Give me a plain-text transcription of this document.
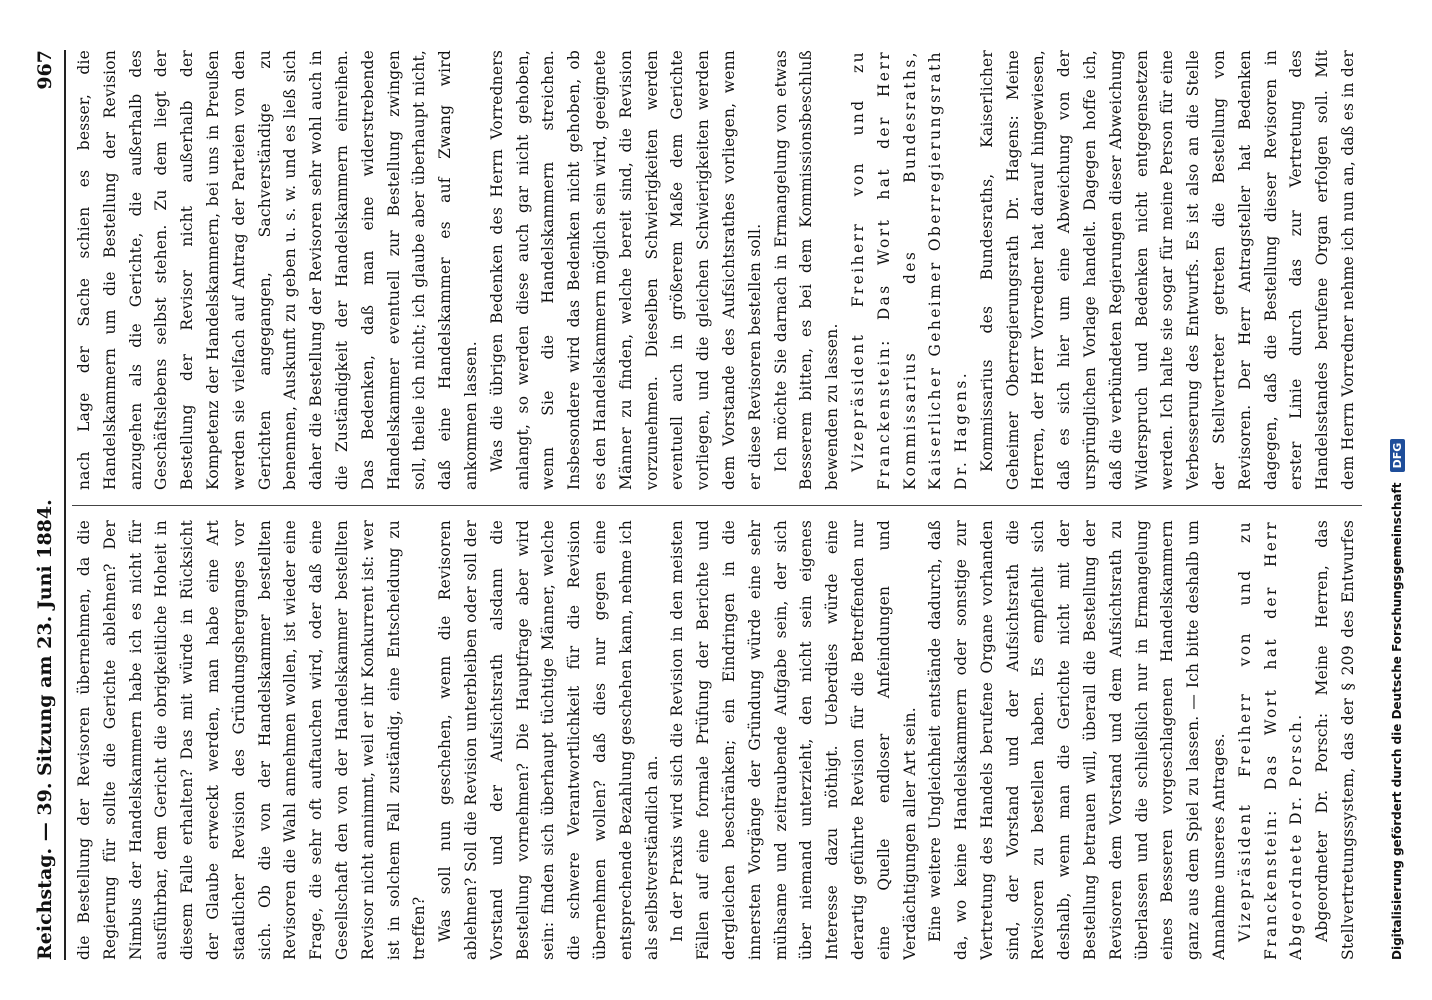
Reichstag. — 39. Sitzung am 23. Juni 1884.
967

die Bestellung der Revisoren übernehmen, da die Regierung für sollte die Gerichte ablehnen? Der Nimbus der Handelskammern habe ich es nicht für ausführbar, dem Gericht die obrigkeitliche Hoheit in diesem Falle erhalten? Das mit würde in Rücksicht der Glaube erweckt werden, man habe eine Art staatlicher Revision des Gründungsherganges vor sich. Ob die von der Handelskammer bestellten Revisoren die Wahl annehmen wollen, ist wieder eine Frage, die sehr oft auftauchen wird, oder daß eine Gesellschaft den von der Handelskammer bestellten Revisor nicht annimmt, weil er ihr Konkurrent ist: wer ist in solchem Fall zuständig, eine Entscheidung zu treffen? Was soll nun geschehen, wenn die Revisoren ablehnen? Soll die Revision unterbleiben oder soll der Vorstand und der Aufsichtsrath alsdann die Bestellung vornehmen? Die Hauptfrage aber wird sein: finden sich überhaupt tüchtige Männer, welche die schwere Verantwortlichkeit für die Revision übernehmen wollen? daß dies nur gegen eine entsprechende Bezahlung geschehen kann, nehme ich als selbstverständlich an. In der Praxis wird sich die Revision in den meisten Fällen auf eine formale Prüfung der Berichte und dergleichen beschränken; ein Eindringen in die innersten Vorgänge der Gründung würde eine sehr mühsame und zeitraubende Aufgabe sein, der sich über niemand unterzieht, den nicht sein eigenes Interesse dazu nöthigt. Ueberdies würde eine derartig geführte Revision für die Betreffenden nur eine Quelle endloser Anfeindungen und Verdächtigungen aller Art sein. Eine weitere Ungleichheit entstände dadurch, daß da, wo keine Handelskammern oder sonstige zur Vertretung des Handels berufene Organe vorhanden sind, der Vorstand und der Aufsichtsrath die Revisoren zu bestellen haben. Es empfiehlt sich deshalb, wenn man die Gerichte nicht mit der Bestellung betrauen will, überall die Bestellung der Revisoren dem Vorstand und dem Aufsichtsrath zu überlassen und die schließlich nur in Ermangelung eines Besseren vorgeschlagenen Handelskammern ganz aus dem Spiel zu lassen. — Ich bitte deshalb um Annahme unseres Antrages. Vizepräsident Freiherr von und zu Franckenstein: Das Wort hat der Herr Abgeordnete Dr. Porsch. Abgeordneter Dr. Porsch: Meine Herren, das Stellvertretungssystem, das der § 209 des Entwurfes

nach Lage der Sache schien es besser, die Handelskammern um die Bestellung der Revision anzugehen als die Gerichte, die außerhalb des Geschäftslebens selbst stehen. Zu dem liegt der Bestellung der Revisor nicht außerhalb der Kompetenz der Handelskammern, bei uns in Preußen werden sie vielfach auf Antrag der Parteien von den Gerichten angegangen, Sachverständige zu benennen, Auskunft zu geben u. s. w. und es ließ sich daher die Bestellung der Revisoren sehr wohl auch in die Zuständigkeit der Handelskammern einreihen. Das Bedenken, daß man eine widerstrebende Handelskammer eventuell zur Bestellung zwingen soll, theile ich nicht; ich glaube aber überhaupt nicht, daß eine Handelskammer es auf Zwang wird ankommen lassen. Was die übrigen Bedenken des Herrn Vorredners anlangt, so werden diese auch gar nicht gehoben, wenn Sie die Handelskammern streichen. Insbesondere wird das Bedenken nicht gehoben, ob es den Handelskammern möglich sein wird, geeignete Männer zu finden, welche bereit sind, die Revision vorzunehmen. Dieselben Schwierigkeiten werden eventuell auch in größerem Maße dem Gerichte vorliegen, und die gleichen Schwierigkeiten werden dem Vorstande des Aufsichtsrathes vorliegen, wenn er diese Revisoren bestellen soll. Ich möchte Sie darnach in Ermangelung von etwas Besserem bitten, es bei dem Kommissionsbeschluß bewenden zu lassen. Vizepräsident Freiherr von und zu Franckenstein: Das Wort hat der Herr Kommissarius des Bundesraths, Kaiserlicher Geheimer Oberregierungsrath Dr. Hagens. Kommissarius des Bundesraths, Kaiserlicher Geheimer Oberregierungsrath Dr. Hagens: Meine Herren, der Herr Vorredner hat darauf hingewiesen, daß es sich hier um eine Abweichung von der ursprünglichen Vorlage handelt. Dagegen hoffe ich, daß die verbündeten Regierungen dieser Abweichung Widerspruch und Bedenken nicht entgegensetzen werden. Ich halte sie sogar für meine Person für eine Verbesserung des Entwurfs. Es ist also an die Stelle der Stellvertreter getreten die Bestellung von Revisoren. Der Herr Antragsteller hat Bedenken dagegen, daß die Bestellung dieser Revisoren in erster Linie durch das zur Vertretung des Handelsstandes berufene Organ erfolgen soll. Mit dem Herrn Vorredner nehme ich nun an, daß es in der

Digitalisierung gefördert durch die Deutsche Forschungsgemeinschaft DFG
